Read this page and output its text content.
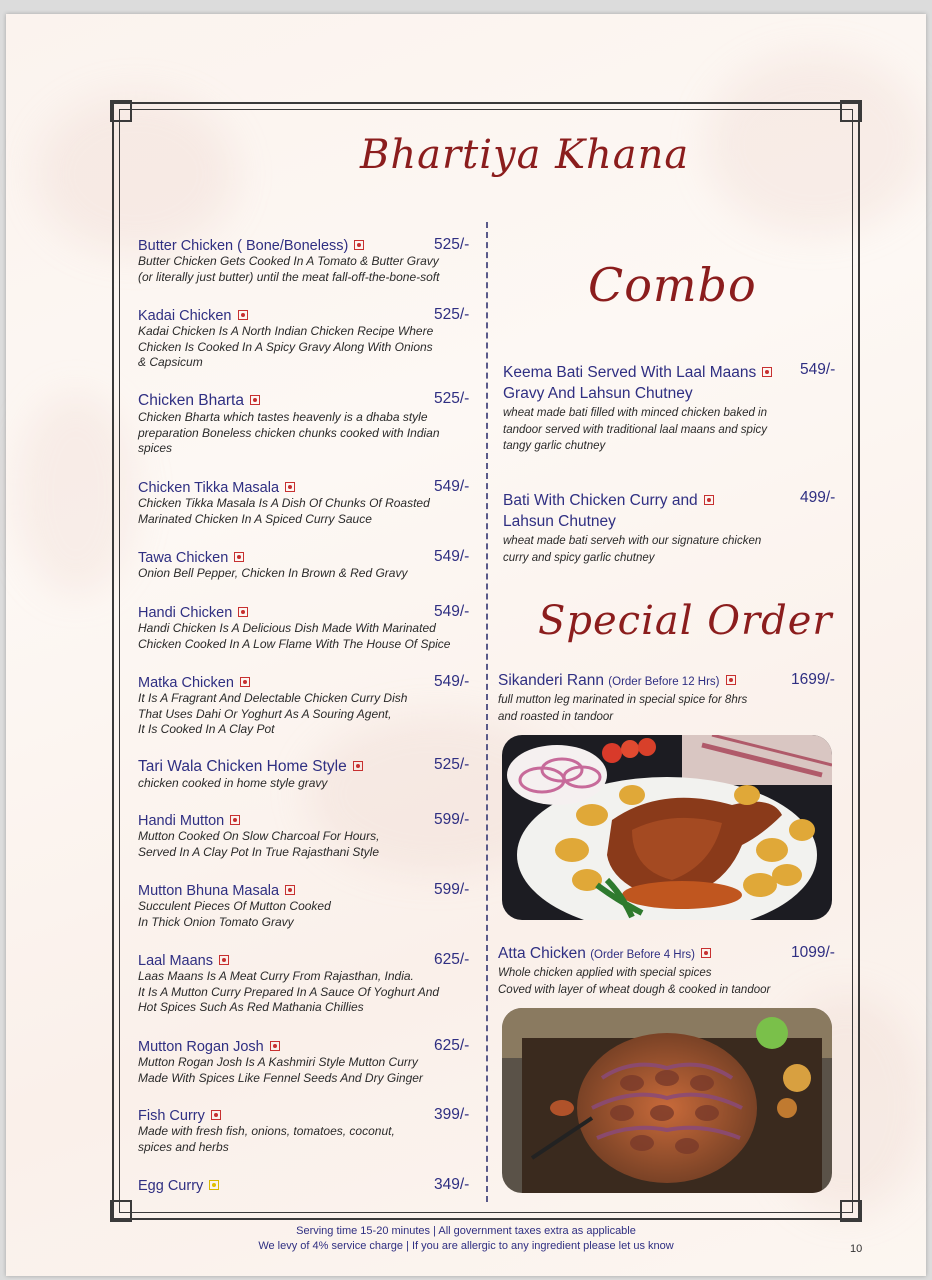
Bhartiya Khana
Combo
Special Order
Butter Chicken ( Bone/Boneless)	525/-
Butter Chicken Gets Cooked In A Tomato & Butter Gravy
(or literally just butter) until the meat fall-off-the-bone-soft
Kadai Chicken	525/-
Kadai Chicken Is A North Indian Chicken Recipe Where
Chicken Is Cooked In A Spicy Gravy Along With Onions
& Capsicum
Chicken Bharta	525/-
Chicken Bharta which tastes heavenly is a dhaba style
preparation Boneless chicken chunks cooked with Indian
spices
Chicken Tikka Masala	549/-
Chicken Tikka Masala Is A Dish Of Chunks Of Roasted
Marinated Chicken In A Spiced Curry Sauce
Tawa Chicken	549/-
Onion Bell Pepper, Chicken In Brown & Red Gravy
Handi Chicken	549/-
Handi Chicken Is A Delicious Dish Made With Marinated
Chicken Cooked In A Low Flame With The House Of Spice
Matka Chicken	549/-
It Is A Fragrant And Delectable Chicken Curry Dish
That Uses Dahi Or Yoghurt As A Souring Agent,
It Is Cooked In A Clay Pot
Tari Wala Chicken Home Style	525/-
chicken cooked in home style gravy
Handi Mutton	599/-
Mutton Cooked On Slow Charcoal For Hours,
Served In A Clay Pot In True Rajasthani Style
Mutton Bhuna Masala	599/-
Succulent Pieces Of Mutton Cooked
In Thick Onion Tomato Gravy
Laal Maans	625/-
Laas Maans Is A Meat Curry From Rajasthan, India.
It Is A Mutton Curry Prepared In A Sauce Of Yoghurt And
Hot Spices Such As Red Mathania Chillies
Mutton Rogan Josh	625/-
Mutton Rogan Josh Is A Kashmiri Style Mutton Curry
Made With Spices Like Fennel Seeds And Dry Ginger
Fish Curry	399/-
Made with fresh fish, onions, tomatoes, coconut,
spices and herbs
Egg Curry	349/-
Keema Bati Served With Laal Maans
Gravy And Lahsun Chutney
549/-
wheat made bati filled with minced chicken baked in
tandoor served with traditional laal maans and spicy
tangy garlic chutney
Bati With Chicken Curry and
Lahsun Chutney
499/-
wheat made bati serveh with our signature chicken
curry and spicy garlic chutney
Sikanderi Rann (Order Before 12 Hrs)	1699/-
full mutton leg marinated in special spice for 8hrs
and roasted in tandoor
Atta Chicken (Order Before 4 Hrs)	1099/-
Whole chicken applied with special spices
Coved with layer of wheat dough & cooked in tandoor
Serving time 15-20 minutes | All government taxes extra as applicable
We levy of 4% service charge | If you are allergic to any ingredient please let us know	10
